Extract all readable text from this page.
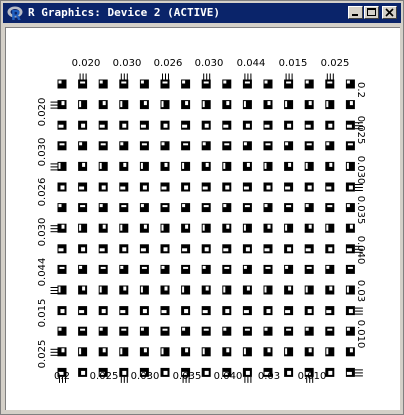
R R Graphics: Device 2 (ACTIVE)
0.020 0.030 0.026 0.030 0.044 0.015 0.025
0.2 0.025 0.030 0.035 0.040 0.03 0.010
0.020
0.030
0.026
0.030
0.044
0.015
0.025
0.2
0.025
0.030
0.035
0.040
0.03
0.010
